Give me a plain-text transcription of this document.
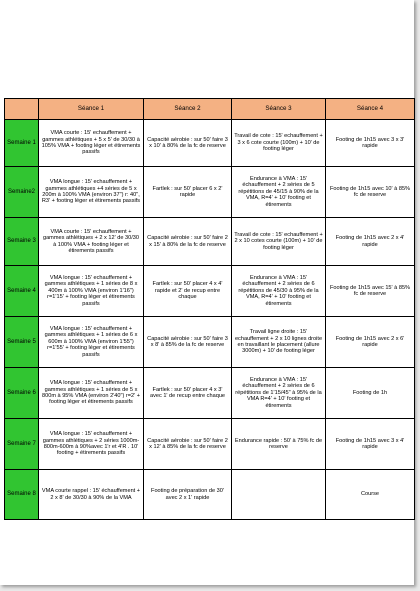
	Séance 1	Séance 2	Séance 3	Séance 4
Semaine 1	VMA courte : 15' echauffement + gammes athlétiques + 5 x 5' de 30/30 à 105% VMA + footing léger et étirements passifs	Capacité aérobie : sur 50' faire 3 x 10' à 80% de la fc de reserve	Travail de cote : 15' echauffement + 3 x 6 cote courte (100m) + 10' de footing léger	Footing de 1h15 avec 3 x 3' rapide
Semaine2	VMA longue : 15' echauffement + gammes athlétiques +4 séries de 5 x 200m à 100% VMA (environ 37") r: 40", R3' + footing léger et étirements passifs	Fartlek : sur 50' placer 6 x 2' rapide	Endurance à VMA : 15' échauffement + 2 séries de 5 répétitions de 45/15 à 90% de la VMA, R=4' + 10' footing et étirements	Footing de 1h15 avec 10' à 85% fc de reserve
Semaine 3	VMA courte : 15' echauffement + gammes athlétiques + 2 x 12' de 30/30 à 100% VMA + footing léger et étirements passifs	Capacité aérobie : sur 50' faire 2 x 15' à 80% de la fc de reserve	Travail de cote : 15' echauffement + 2 x 10 cotes courte (100m) + 10' de footing léger	Footing de 1h15 avec 2 x 4' rapide
Semaine 4	VMA longue : 15' echauffement + gammes athlétiques + 1 séries de 8 x 400m à 100% VMA (environ 1'16") r=1'15' + footing léger et étirements passifs	Fartlek : sur 50' placer 4 x 4' rapide et 2' de recup entre chaque	Endurance à VMA : 15' échauffement + 2 séries de 6 répétitions de 45/30 à 95% de la VMA, R=4' + 10' footing et étirements	Footing de 1h15 avec 15' à 85% fc de reserve
Semaine 5	VMA longue : 15' echauffement + gammes athlétiques + 1 séries de 6 x 600m à 100% VMA (environ 1'55") r=1'55' + footing léger et étirements passifs	Capacité aérobie : sur 50' faire 3 x 8' à 85% de la fc de reserve	Travail ligne droite : 15' echauffement + 2 x 10 lignes droite en travaillant le placement (allure 3000m) + 10' de footing léger	Footing de 1h15 avec 2 x 6' rapide
Semaine 6	VMA longue : 15' echauffement + gammes athlétiques + 1 séries de 5 x 800m à 95% VMA (environ 2'40") r=2' + footing léger et étirements passifs	Fartlek : sur 50' placer 4 x 3' avec 1' de recup entre chaque	Endurance à VMA : 15' échauffement + 2 séries de 6 répétitions de 1'15/45" à 95% de la VMA R=4' + 10' footing et étirements	Footing de 1h
Semaine 7	VMA longue : 15' echauffement + gammes athlétiques + 2 séries 1000m-800m-600m à 90%avec 1'r et 4'R . 10' footing + étirements passifs	Capacité aérobie : sur 50' faire 2 x 12' à 85% de la fc de reserve	Endurance rapide : 50' à 75% fc de reserve	Footing de 1h15 avec 3 x 4' rapide
Semaine 8	VMA courte rappel : 15' échauffement + 2 x 8' de 30/30 à 90% de la VMA	Footing de préparation de 30' avec 2 x 1' rapide		Course
